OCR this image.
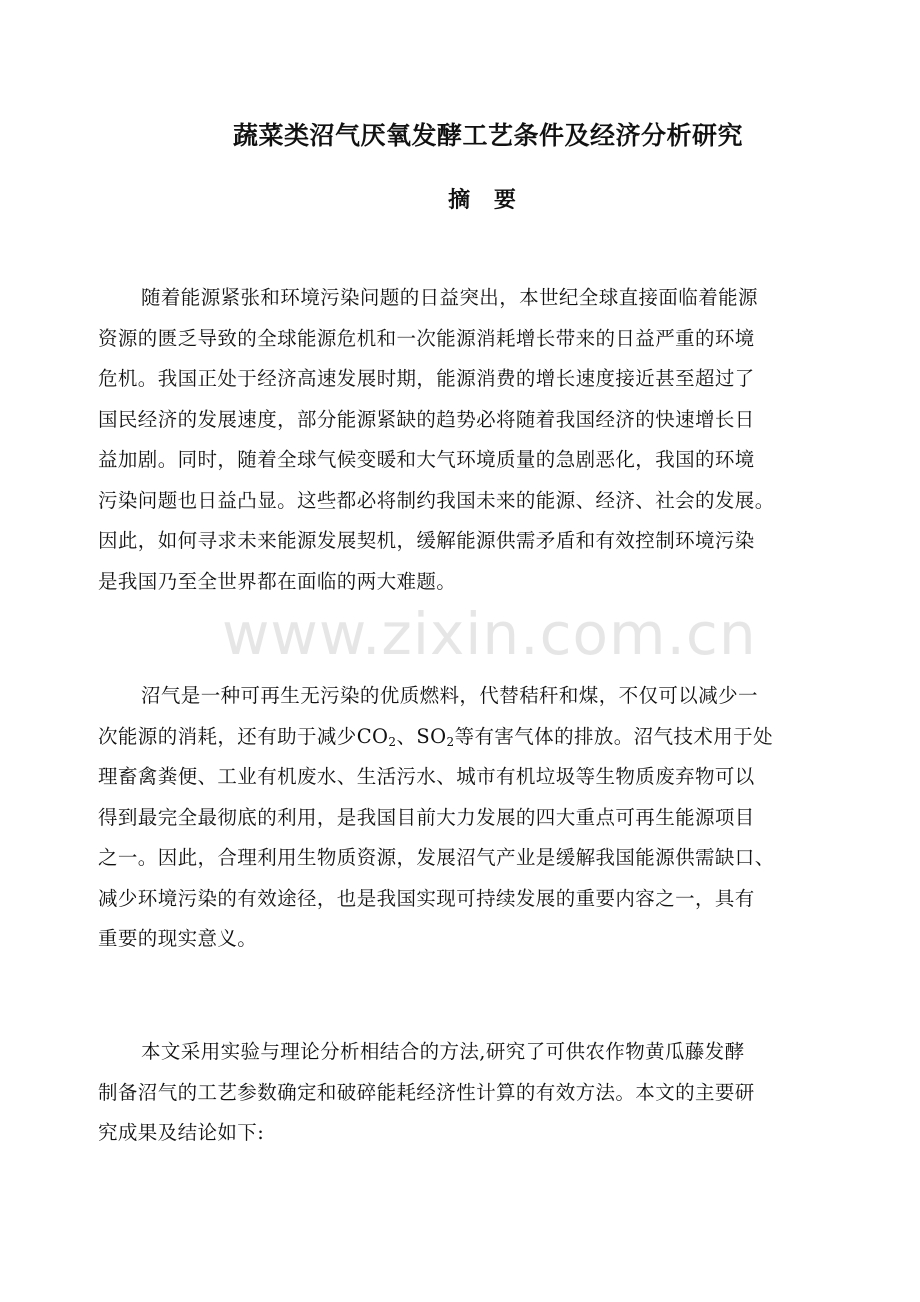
www.zixin.com.cn
蔬菜类沼气厌氧发酵工艺条件及经济分析研究
摘 要
随着能源紧张和环境污染问题的日益突出，本世纪全球直接面临着能源
资源的匮乏导致的全球能源危机和一次能源消耗增长带来的日益严重的环境
危机。我国正处于经济高速发展时期，能源消费的增长速度接近甚至超过了
国民经济的发展速度，部分能源紧缺的趋势必将随着我国经济的快速增长日
益加剧。同时，随着全球气候变暖和大气环境质量的急剧恶化，我国的环境
污染问题也日益凸显。这些都必将制约我国未来的能源、经济、社会的发展。
因此，如何寻求未来能源发展契机，缓解能源供需矛盾和有效控制环境污染
是我国乃至全世界都在面临的两大难题。
沼气是一种可再生无污染的优质燃料，代替秸秆和煤，不仅可以减少一
次能源的消耗，还有助于减少$CO_2$、$SO_2$等有害气体的排放。沼气技术用于处
理畜禽粪便、工业有机废水、生活污水、城市有机垃圾等生物质废弃物可以
得到最完全最彻底的利用，是我国目前大力发展的四大重点可再生能源项目
之一。因此，合理利用生物质资源，发展沼气产业是缓解我国能源供需缺口、
减少环境污染的有效途径，也是我国实现可持续发展的重要内容之一，具有
重要的现实意义。
本文采用实验与理论分析相结合的方法,研究了可供农作物黄瓜藤发酵
制备沼气的工艺参数确定和破碎能耗经济性计算的有效方法。本文的主要研
究成果及结论如下:
